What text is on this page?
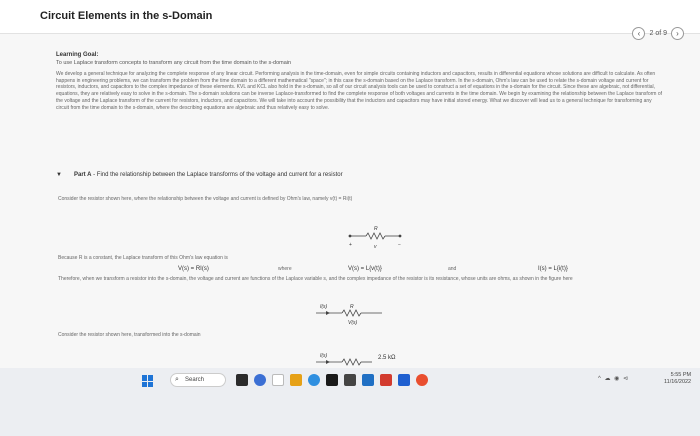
Circuit Elements in the s-Domain
‹	2 of 9	›
Learning Goal:
To use Laplace transform concepts to transform any circuit from the time domain to the s-domain
We develop a general technique for analyzing the complete response of any linear circuit. Performing analysis in the time-domain, even for simple circuits containing inductors and capacitors, results in differential equations whose solutions are difficult to calculate. As often happens in engineering problems, we can transform the problem from the time domain to a different mathematical "space"; in this case the s-domain based on the Laplace transform. In the s-domain, Ohm's law can be used to relate the s-domain voltage and current for resistors, inductors, and capacitors to the complex impedance of these elements. KVL and KCL also hold in the s-domain, so all of our circuit analysis tools can be used to construct a set of equations in the s-domain for the circuit. Since these are algebraic, not differential, equations, they are relatively easy to solve in the s-domain. The s-domain solutions can be inverse Laplace-transformed to find the complete response of both voltages and currents in the time domain. We begin by examining the relationship between the Laplace transform of the voltage and the Laplace transform of the current for resistors, inductors, and capacitors. We will take into account the possibility that the inductors and capacitors may have initial stored energy. What we discover will lead us to a general technique for transforming any circuit from the time domain to the s-domain, where the describing equations are algebraic and thus relatively easy to solve.
▼ Part A - Find the relationship between the Laplace transforms of the voltage and current for a resistor
Consider the resistor shown here, where the relationship between the voltage and current is defined by Ohm's law, namely v(t) = Ri(t)
R
+	−
v
Because R is a constant, the Laplace transform of this Ohm's law equation is
V(s) = RI(s)	where	V(s) = L{v(t)}	and	I(s) = L{i(t)}
Therefore, when we transform a resistor into the s-domain, the voltage and current are functions of the Laplace variable s, and the complex impedance of the resistor is its resistance, whose units are ohms, as shown in the figure here
I(s)	R
V(s)
Consider the resistor shown here, transformed into the s-domain
I(s)	2.5 kΩ
⌕ Search	^ ☁ ◉ ⊲
5:55 PM
11/16/2022
